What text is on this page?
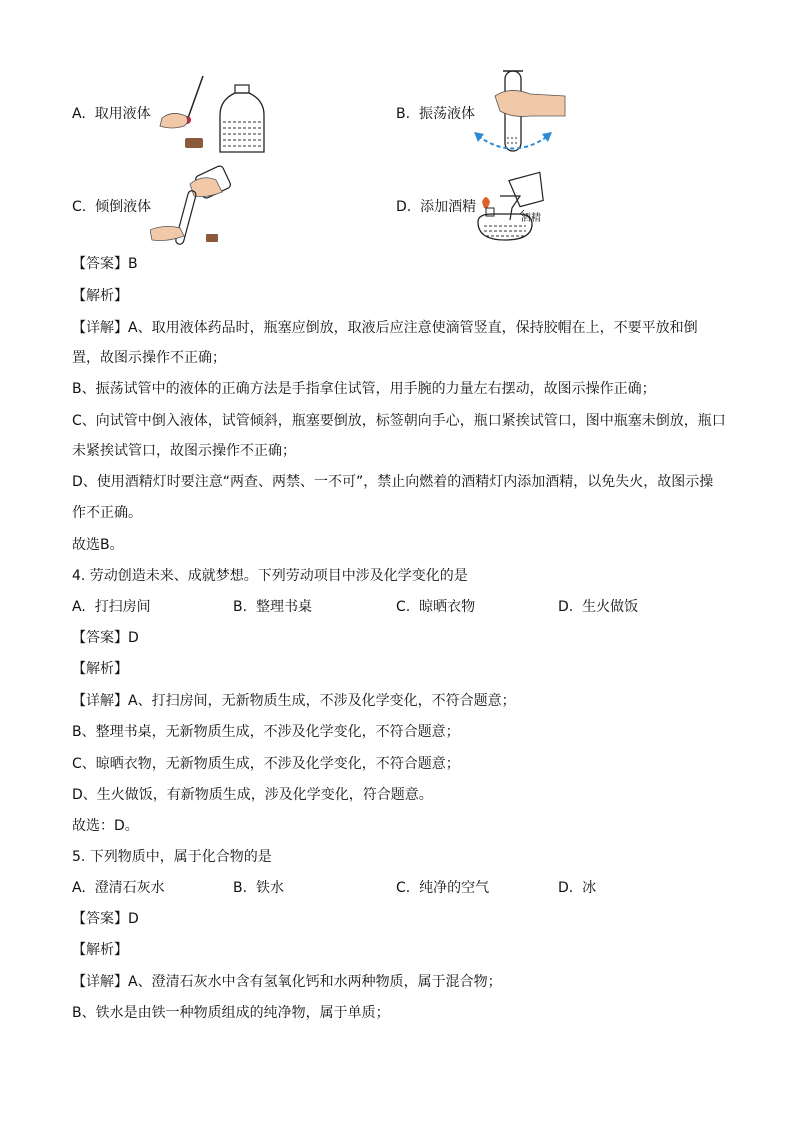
A. 取用液体	B. 振荡液体
C. 倾倒液体	D. 添加酒精
酒精
【答案】B
【解析】
【详解】A、取用液体药品时，瓶塞应倒放，取液后应注意使滴管竖直，保持胶帽在上，不要平放和倒
置，故图示操作不正确；
B、振荡试管中的液体的正确方法是手指拿住试管，用手腕的力量左右摆动，故图示操作正确；
C、向试管中倒入液体，试管倾斜，瓶塞要倒放，标签朝向手心，瓶口紧挨试管口，图中瓶塞未倒放，瓶口
未紧挨试管口，故图示操作不正确；
D、使用酒精灯时要注意“两查、两禁、一不可”，禁止向燃着的酒精灯内添加酒精，以免失火，故图示操
作不正确。
故选B。
4. 劳动创造未来、成就梦想。下列劳动项目中涉及化学变化的是
A. 打扫房间	B. 整理书桌	C. 晾晒衣物	D. 生火做饭
【答案】D
【解析】
【详解】A、打扫房间，无新物质生成，不涉及化学变化，不符合题意；
B、整理书桌，无新物质生成，不涉及化学变化，不符合题意；
C、晾晒衣物，无新物质生成，不涉及化学变化，不符合题意；
D、生火做饭，有新物质生成，涉及化学变化，符合题意。
故选：D。
5. 下列物质中，属于化合物的是
A. 澄清石灰水	B. 铁水	C. 纯净的空气	D. 冰
【答案】D
【解析】
【详解】A、澄清石灰水中含有氢氧化钙和水两种物质，属于混合物；
B、铁水是由铁一种物质组成的纯净物，属于单质；
